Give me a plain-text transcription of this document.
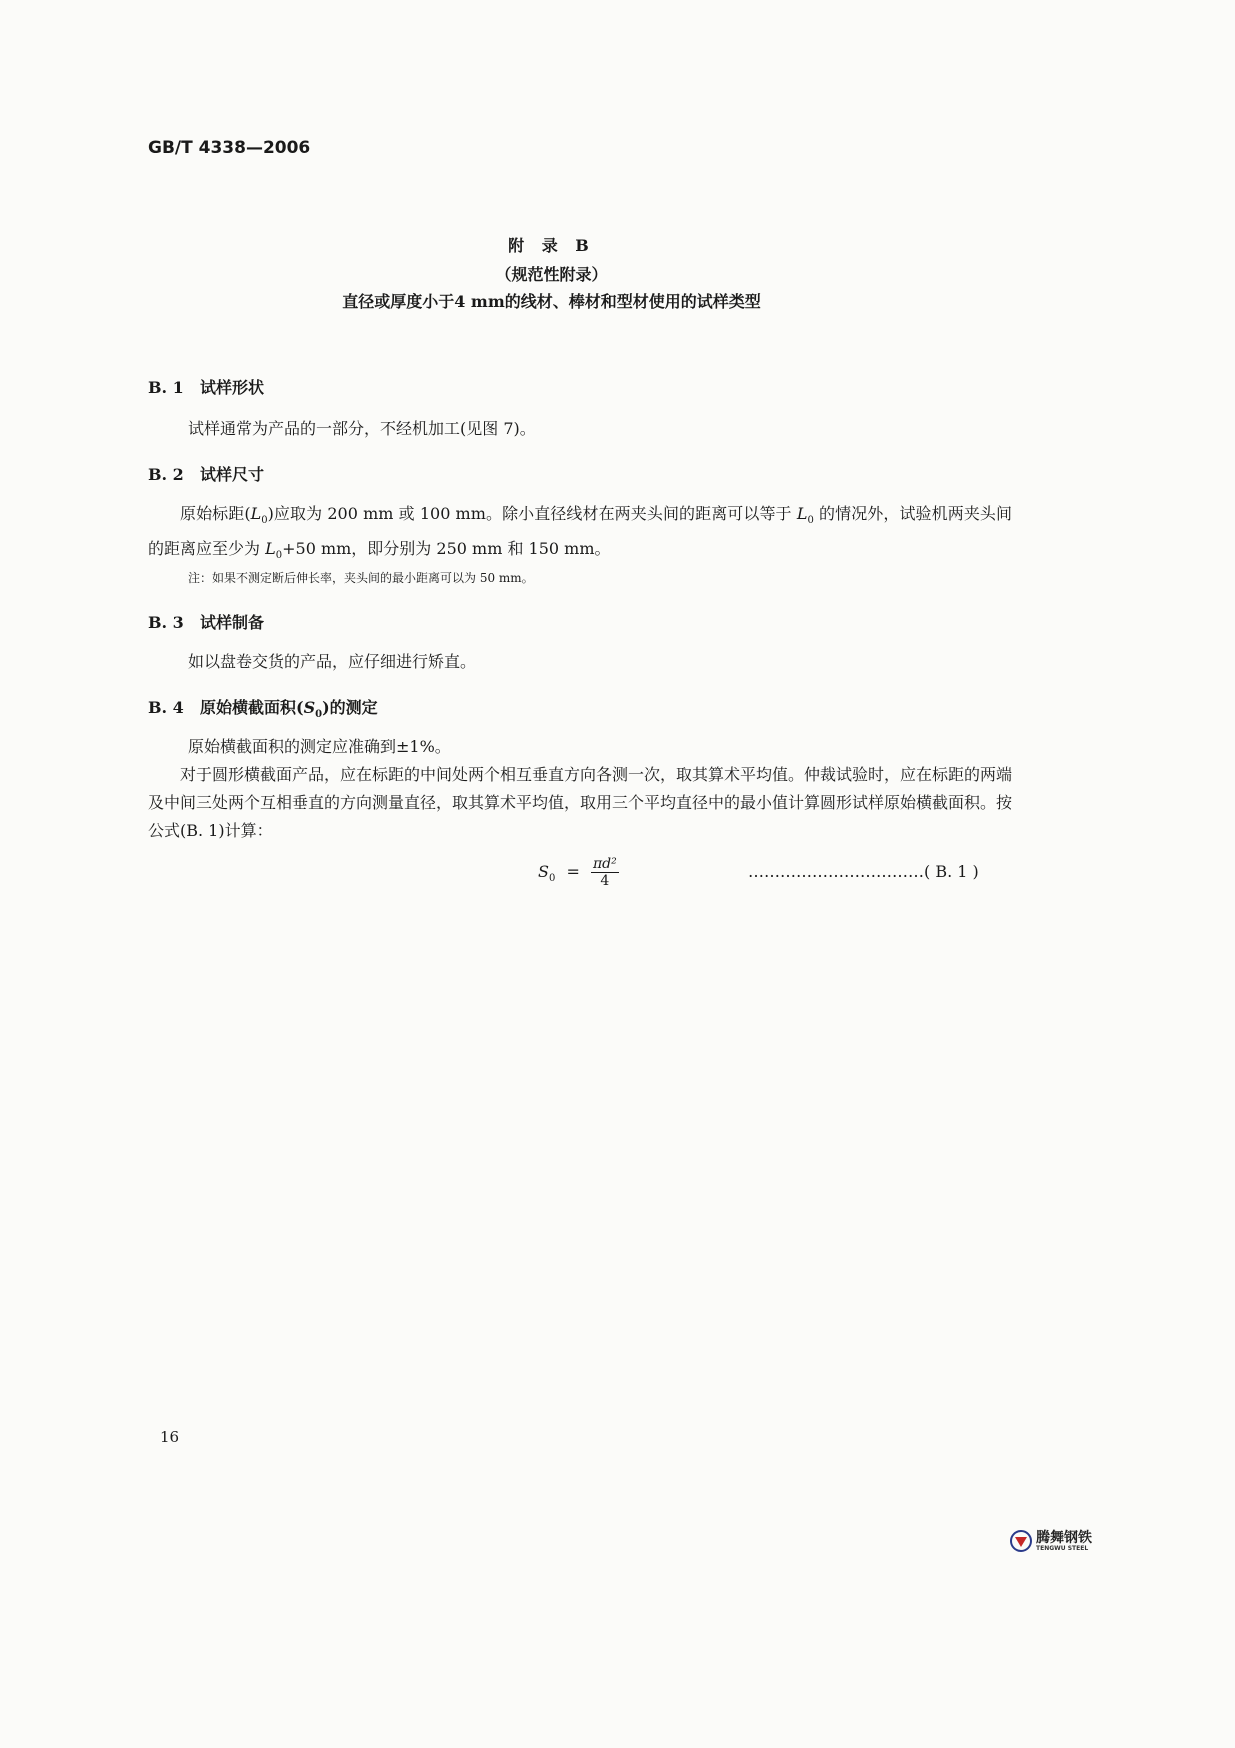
GB/T 4338—2006
附 录 B
（规范性附录）
直径或厚度小于4 mm的线材、棒材和型材使用的试样类型
B. 1 试样形状
试样通常为产品的一部分，不经机加工(见图 7)。
B. 2 试样尺寸
原始标距$(L_0)$应取为 200 mm 或 100 mm。除小直径线材在两夹头间的距离可以等于 $L_0$ 的情况外，试验机两夹头间的距离应至少为 $L_0+50$ mm，即分别为 250 mm 和 150 mm。
注：如果不测定断后伸长率，夹头间的最小距离可以为 50 mm。
B. 3 试样制备
如以盘卷交货的产品，应仔细进行矫直。
B. 4 原始横截面积$(S_0)$的测定
原始横截面积的测定应准确到±1%。
对于圆形横截面产品，应在标距的中间处两个相互垂直方向各测一次，取其算术平均值。仲裁试验时，应在标距的两端及中间三处两个互相垂直的方向测量直径，取其算术平均值，取用三个平均直径中的最小值计算圆形试样原始横截面积。按公式(B. 1)计算：
$S_0 = \frac{\text{πd²}}{4}$	……………………………( B. 1 )
16
腾舞钢铁
TENGWU STEEL
